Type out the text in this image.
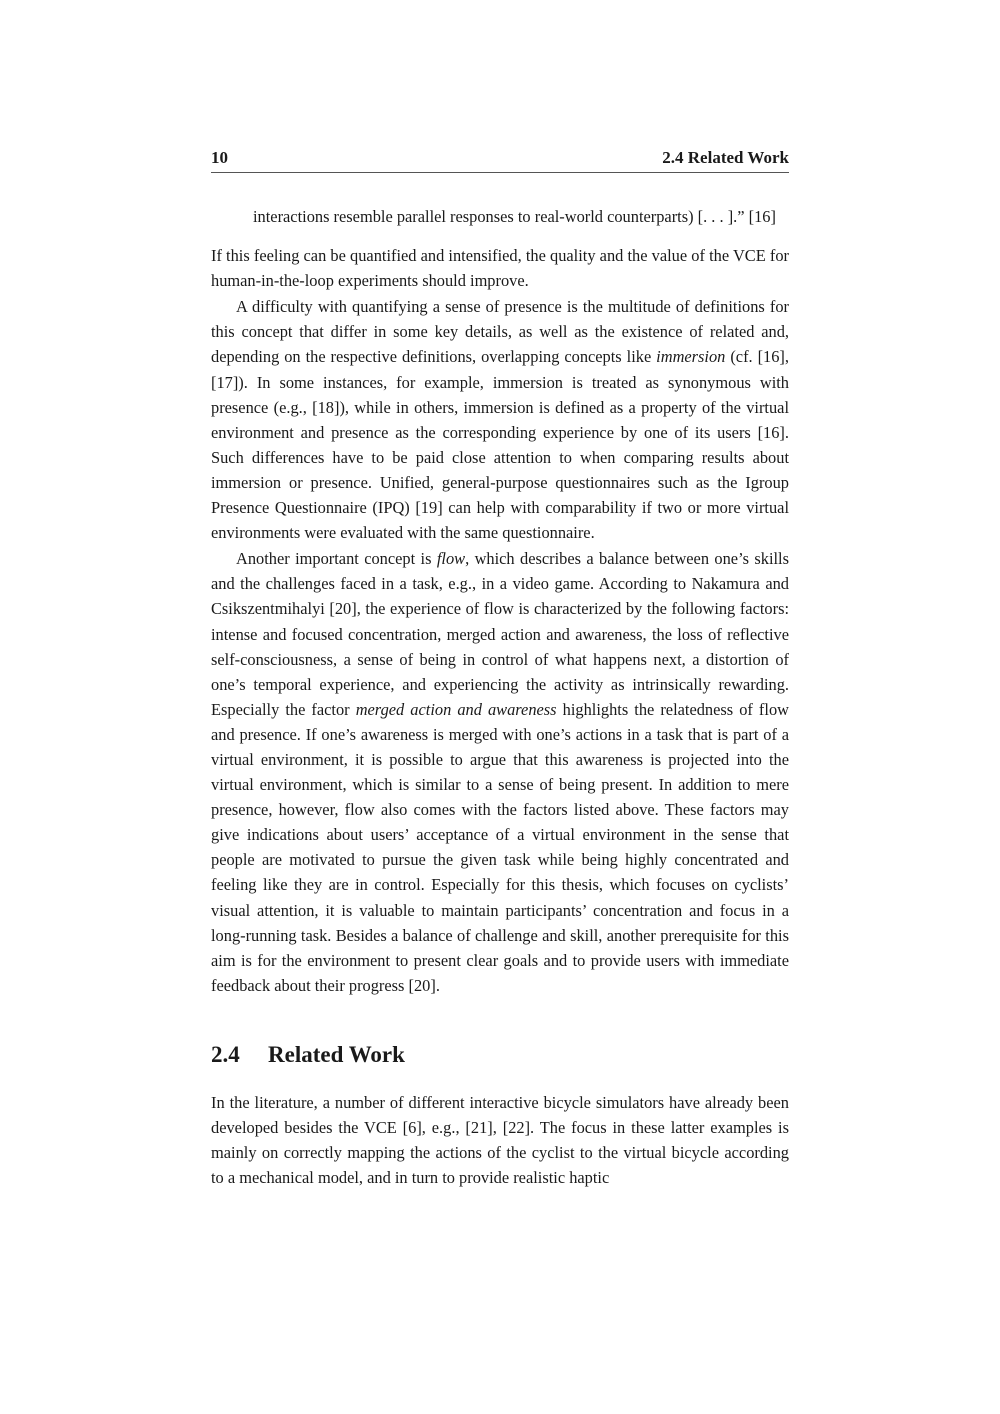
10	2.4 Related Work
interactions resemble parallel responses to real-world counterparts) [. . . ].” [16]

If this feeling can be quantified and intensified, the quality and the value of the VCE for human-in-the-loop experiments should improve.

A difficulty with quantifying a sense of presence is the multitude of definitions for this concept that differ in some key details, as well as the existence of related and, depending on the respective definitions, overlapping concepts like immersion (cf. [16], [17]). In some instances, for example, immersion is treated as synonymous with presence (e.g., [18]), while in others, immersion is defined as a property of the virtual environment and presence as the corresponding experience by one of its users [16]. Such differences have to be paid close attention to when comparing results about immersion or presence. Unified, general-purpose questionnaires such as the Igroup Presence Questionnaire (IPQ) [19] can help with comparability if two or more virtual environments were evaluated with the same questionnaire.

Another important concept is flow, which describes a balance between one’s skills and the challenges faced in a task, e.g., in a video game. According to Nakamura and Csikszentmihalyi [20], the experience of flow is characterized by the following factors: intense and focused concentration, merged action and awareness, the loss of reflective self-consciousness, a sense of being in control of what happens next, a distortion of one’s temporal experience, and experiencing the activity as intrinsically rewarding. Especially the factor merged action and awareness highlights the relatedness of flow and presence. If one’s awareness is merged with one’s actions in a task that is part of a virtual environment, it is possible to argue that this awareness is projected into the virtual environment, which is similar to a sense of being present. In addition to mere presence, however, flow also comes with the factors listed above. These factors may give indications about users’ acceptance of a virtual environment in the sense that people are motivated to pursue the given task while being highly concentrated and feeling like they are in control. Especially for this thesis, which focuses on cyclists’ visual attention, it is valuable to maintain participants’ concentration and focus in a long-running task. Besides a balance of challenge and skill, another prerequisite for this aim is for the environment to present clear goals and to provide users with immediate feedback about their progress [20].

2.4 Related Work

In the literature, a number of different interactive bicycle simulators have already been developed besides the VCE [6], e.g., [21], [22]. The focus in these latter examples is mainly on correctly mapping the actions of the cyclist to the virtual bicycle according to a mechanical model, and in turn to provide realistic haptic
